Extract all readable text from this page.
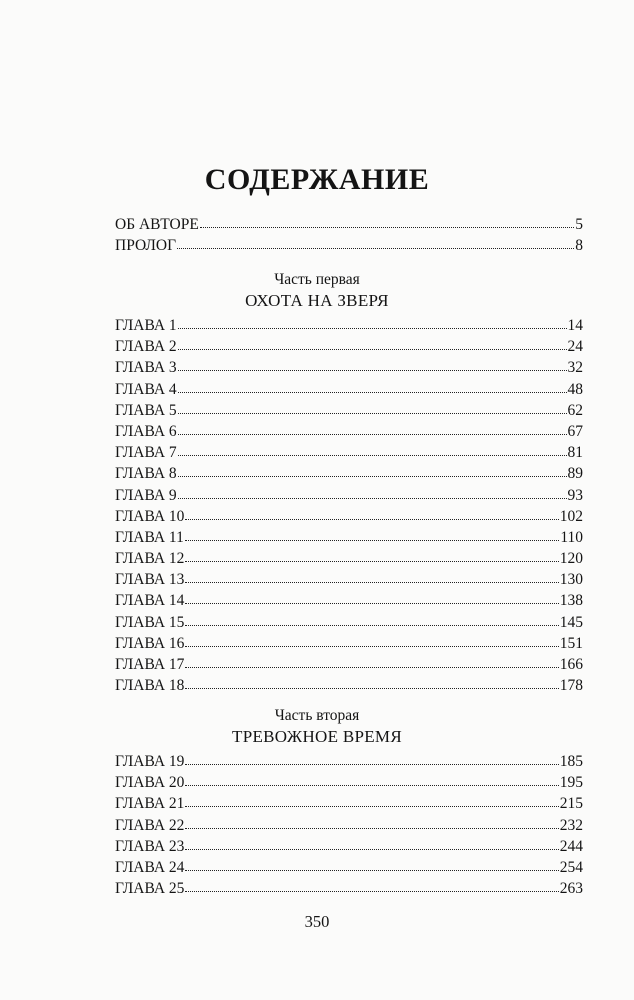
СОДЕРЖАНИЕ
ОБ АВТОРЕ	5
ПРОЛОГ	8
Часть первая
ОХОТА НА ЗВЕРЯ
ГЛАВА 1	14
ГЛАВА 2	24
ГЛАВА 3	32
ГЛАВА 4	48
ГЛАВА 5	62
ГЛАВА 6	67
ГЛАВА 7	81
ГЛАВА 8	89
ГЛАВА 9	93
ГЛАВА 10	102
ГЛАВА 11	110
ГЛАВА 12	120
ГЛАВА 13	130
ГЛАВА 14	138
ГЛАВА 15	145
ГЛАВА 16	151
ГЛАВА 17	166
ГЛАВА 18	178
Часть вторая
ТРЕВОЖНОЕ ВРЕМЯ
ГЛАВА 19	185
ГЛАВА 20	195
ГЛАВА 21	215
ГЛАВА 22	232
ГЛАВА 23	244
ГЛАВА 24	254
ГЛАВА 25	263
350
